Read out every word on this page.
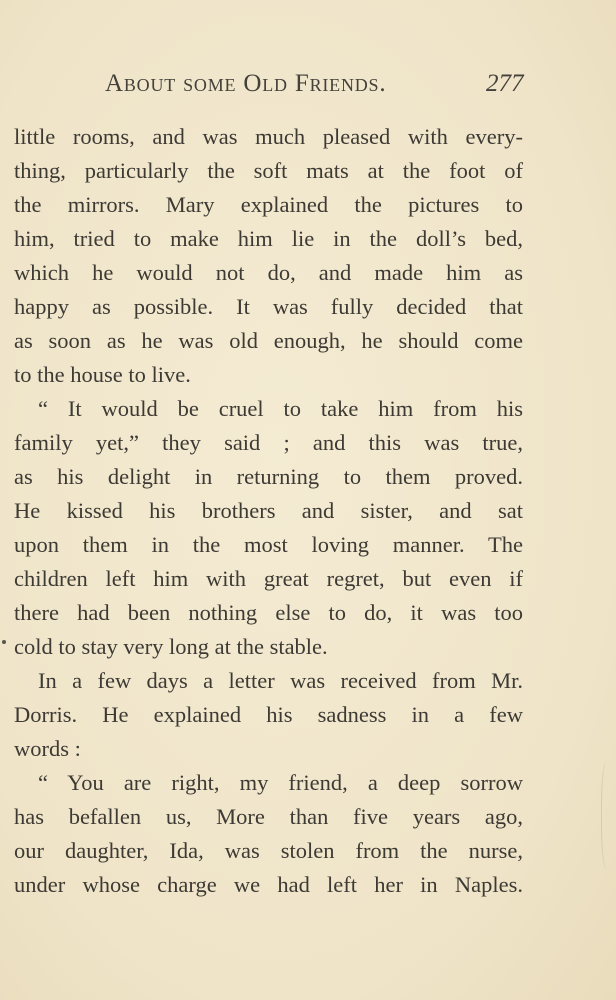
About some Old Friends.	277
little rooms, and was much pleased with every-
thing, particularly the soft mats at the foot of
the mirrors. Mary explained the pictures to
him, tried to make him lie in the doll’s bed,
which he would not do, and made him as
happy as possible. It was fully decided that
as soon as he was old enough, he should come
to the house to live.
“ It would be cruel to take him from his
family yet,” they said ; and this was true,
as his delight in returning to them proved.
He kissed his brothers and sister, and sat
upon them in the most loving manner. The
children left him with great regret, but even if
there had been nothing else to do, it was too
cold to stay very long at the stable.
In a few days a letter was received from Mr.
Dorris. He explained his sadness in a few
words :
“ You are right, my friend, a deep sorrow
has befallen us, More than five years ago,
our daughter, Ida, was stolen from the nurse,
under whose charge we had left her in Naples.
